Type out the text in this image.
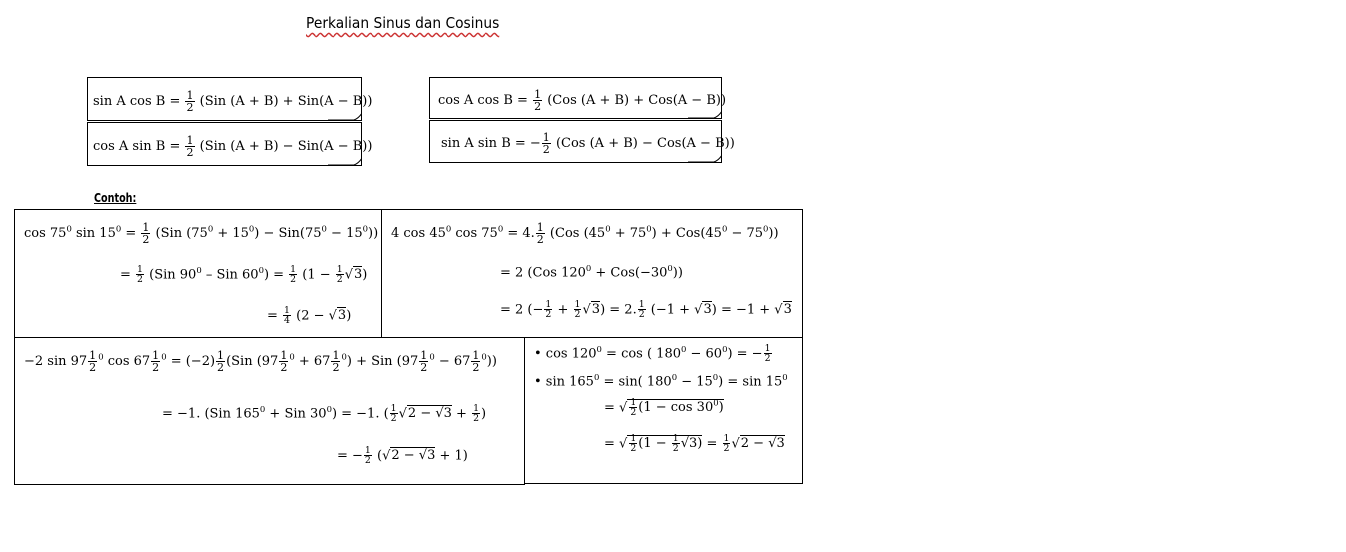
Perkalian Sinus dan Cosinus
sin A $\cos B = \frac{1}{2} (Sin$ (A + B) + Sin(A − B))
cos A $\sin B = \frac{1}{2} (Sin$ (A + B) − Sin(A − B))
cos A $\cos B = \frac{1}{2} (Cos$ (A + B) + Cos(A − B))
sin A sin B = − $\frac{1}{2} (Cos$ (A + B) − Cos(A − B))
Contoh:
$\cos 75^0$ $\sin 15^0 = \frac{1}{2} (Sin$ $(75^0 + 15^0) - Sin(75^0 - 15^0)$)
= $\frac{1}{2} (Sin$ $90^0$ – Sin $60^0) = \frac{1}{2} (1 - \frac{1}{2} √3)$
= $\frac{1}{4} (2 - √3)$
4 $\cos 45^0$ $\cos 75^0 = 4$. $\frac{1}{2} (Cos$ $(45^0 + 75^0) + Cos(45^0 - 75^0)$)
= 2 (Cos $120^0 + Cos(-30^0)$)
= 2 (− $\frac{1}{2} + \frac{1}{2} √3) = 2$. $\frac{1}{2} (-1 + √3) = -1 + √3$
−2 $\sin 97 \frac{1}{2} ^0$ $\cos 67 \frac{1}{2} ^0 = (-2) \frac{1}{2} (Sin$ $(97 \frac{1}{2} ^0 + 67 \frac{1}{2} ^0)$ + Sin $(97 \frac{1}{2} ^0 - 67 \frac{1}{2} ^0)$)
= −1. (Sin $165^0$ + Sin $30^0) = -1$. ( $\frac{1}{2} √2 - √3 + \frac{1}{2}$ )
= − $\frac{1}{2} (√2 - √3 + 1)$
• $\cos 120^0 = \cos$ ( $180^0 - 60^0$) = − $\frac{1}{2}$
• $\sin 165^0 = \sin$( $180^0 - 15^0) = \sin 15^0$
= √ $\frac{1}{2} (1 - \cos 30^0)$
= √ $\frac{1}{2} (1 - \frac{1}{2} √3) = \frac{1}{2} √2 - √3$
